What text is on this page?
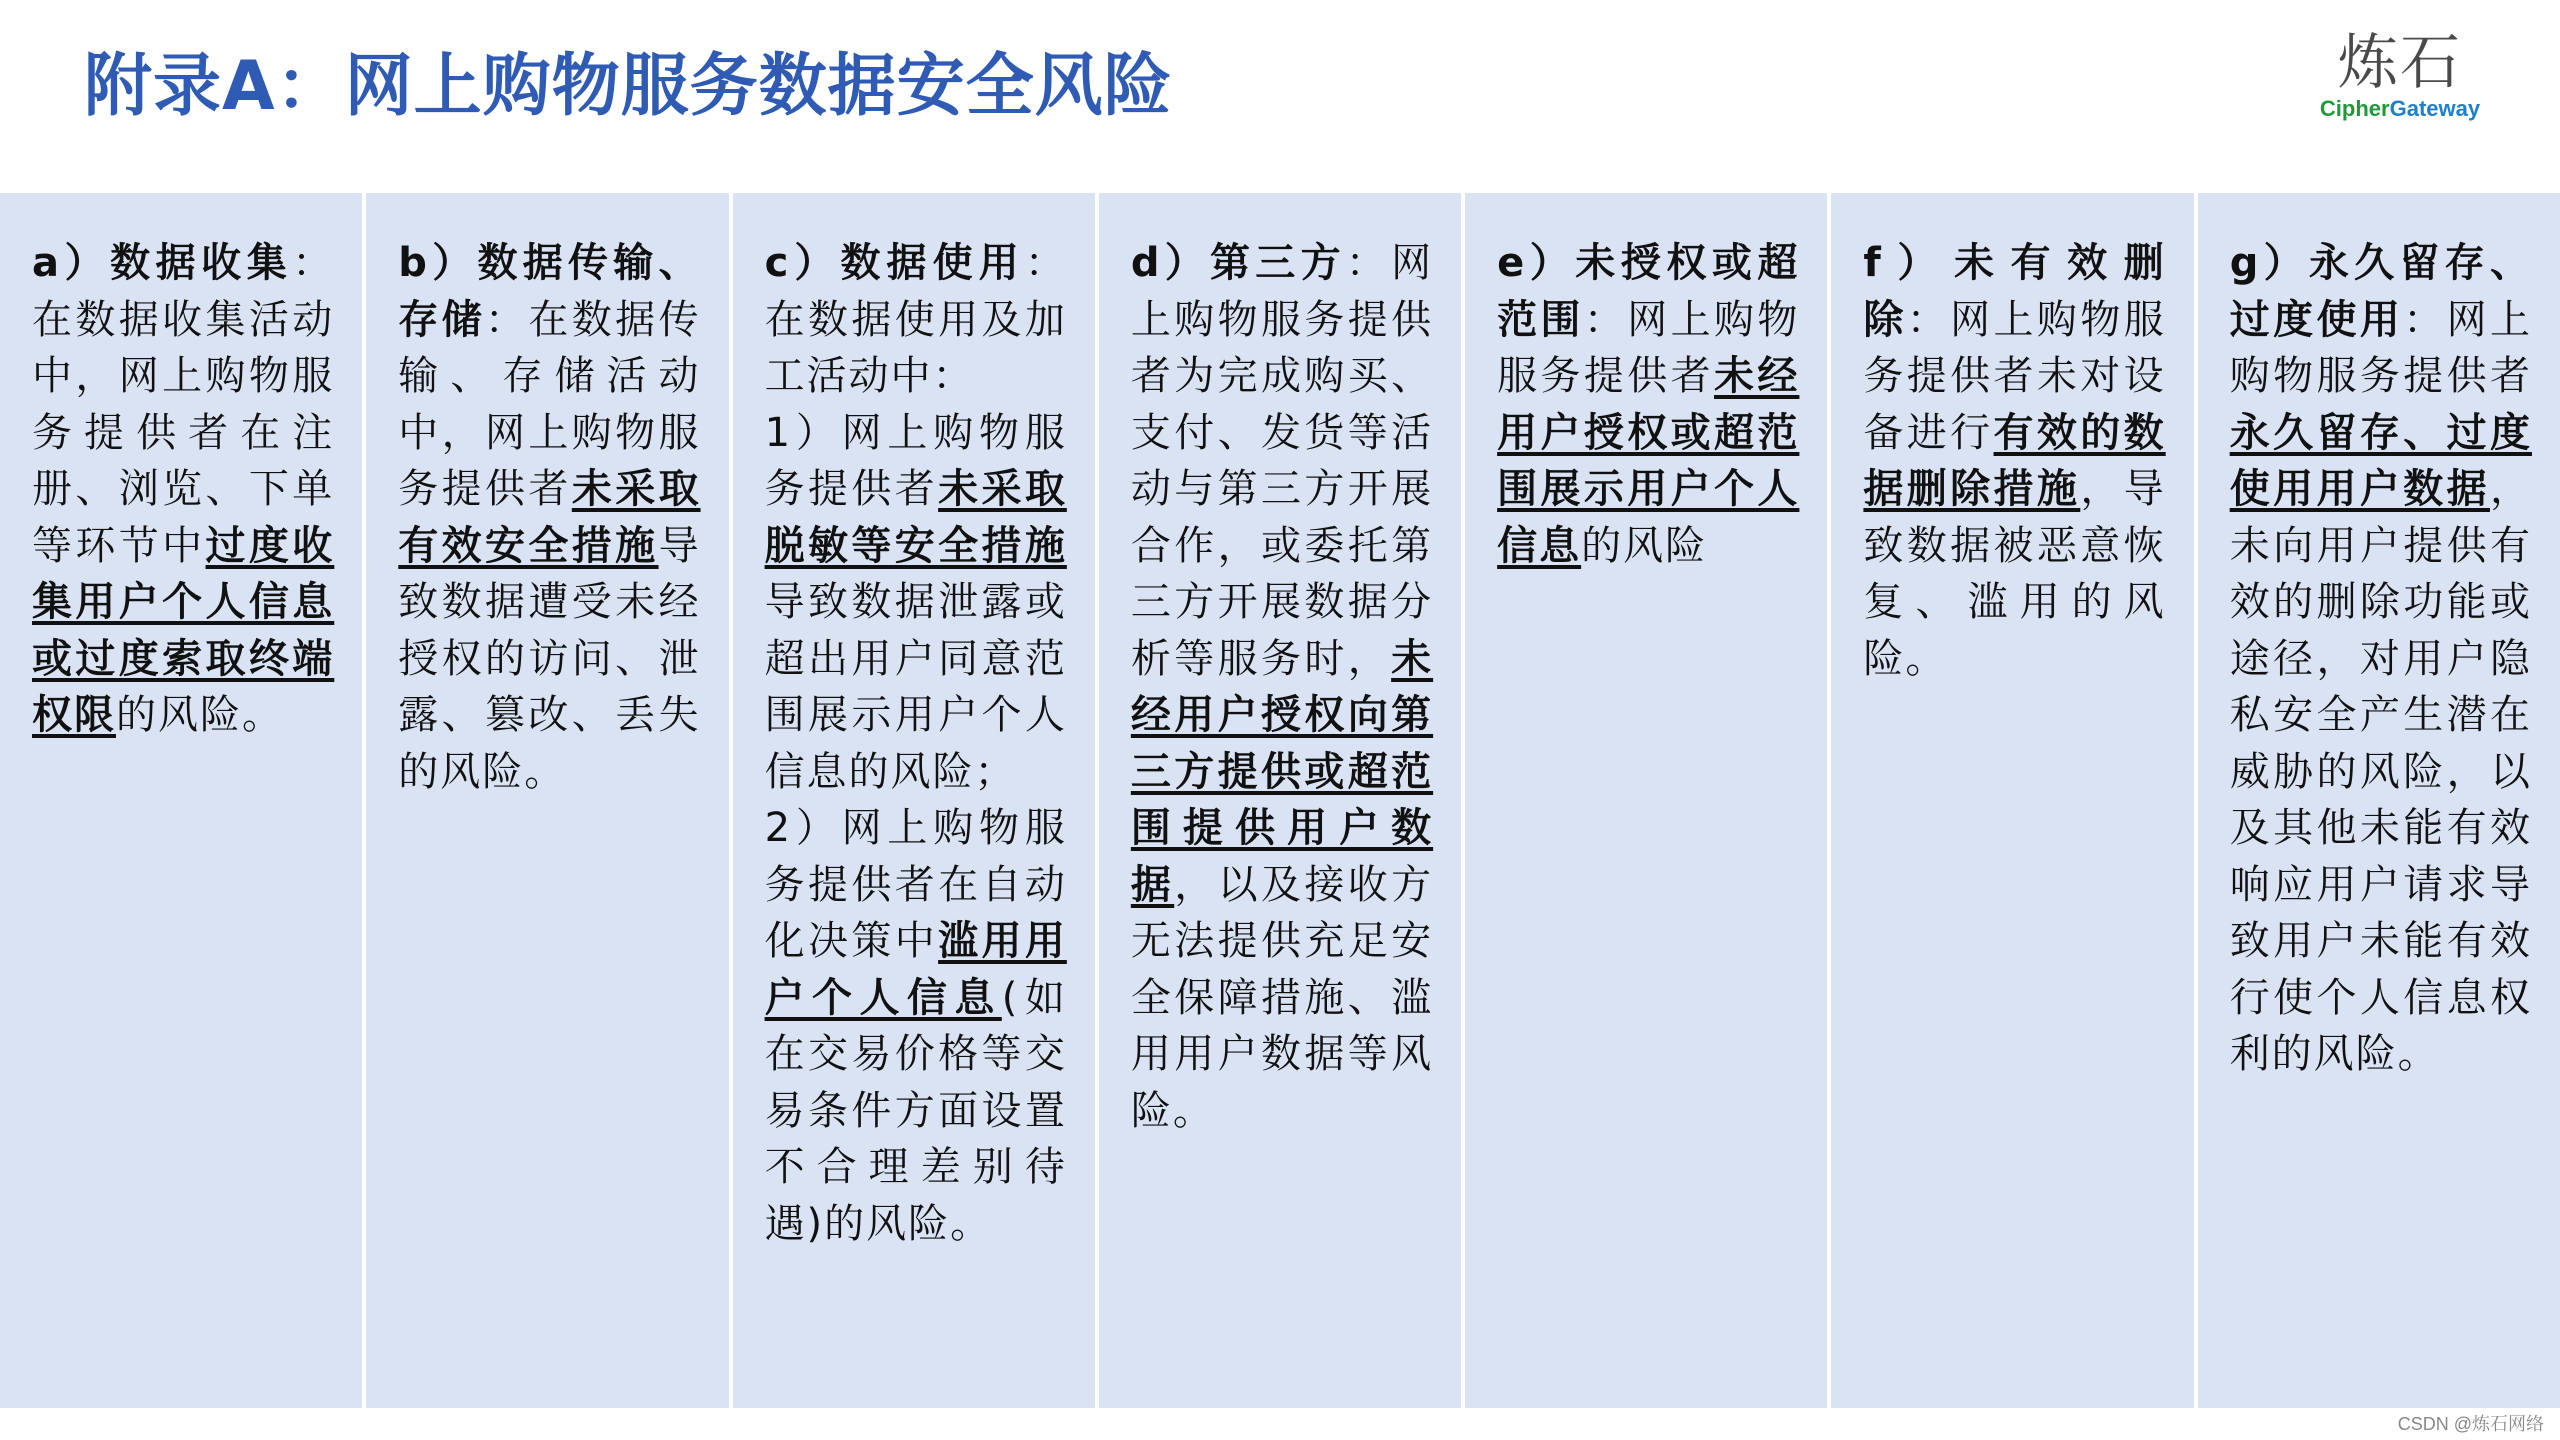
附录A：网上购物服务数据安全风险	炼石
CipherGateway
a）数据收集：在数据收集活动中，网上购物服务提供者在注册、浏览、下单等环节中过度收集用户个人信息或过度索取终端权限的风险。
b）数据传输、存储：在数据传输、存储活动中，网上购物服务提供者未采取有效安全措施导致数据遭受未经授权的访问、泄露、篡改、丢失的风险。
c）数据使用：在数据使用及加工活动中：
1）网上购物服务提供者未采取脱敏等安全措施导致数据泄露或超出用户同意范围展示用户个人信息的风险；
2）网上购物服务提供者在自动化决策中滥用用户个人信息(如在交易价格等交易条件方面设置不合理差别待遇)的风险。
d）第三方：网上购物服务提供者为完成购买、支付、发货等活动与第三方开展合作，或委托第三方开展数据分析等服务时，未经用户授权向第三方提供或超范围提供用户数据，以及接收方无法提供充足安全保障措施、滥用用户数据等风险。
e）未授权或超范围：网上购物服务提供者未经用户授权或超范围展示用户个人信息的风险
f）未有效删除：网上购物服务提供者未对设备进行有效的数据删除措施，导致数据被恶意恢复、滥用的风险。
g）永久留存、过度使用：网上购物服务提供者永久留存、过度使用用户数据，未向用户提供有效的删除功能或途径，对用户隐私安全产生潜在威胁的风险，以及其他未能有效响应用户请求导致用户未能有效行使个人信息权利的风险。
CSDN @炼石网络
